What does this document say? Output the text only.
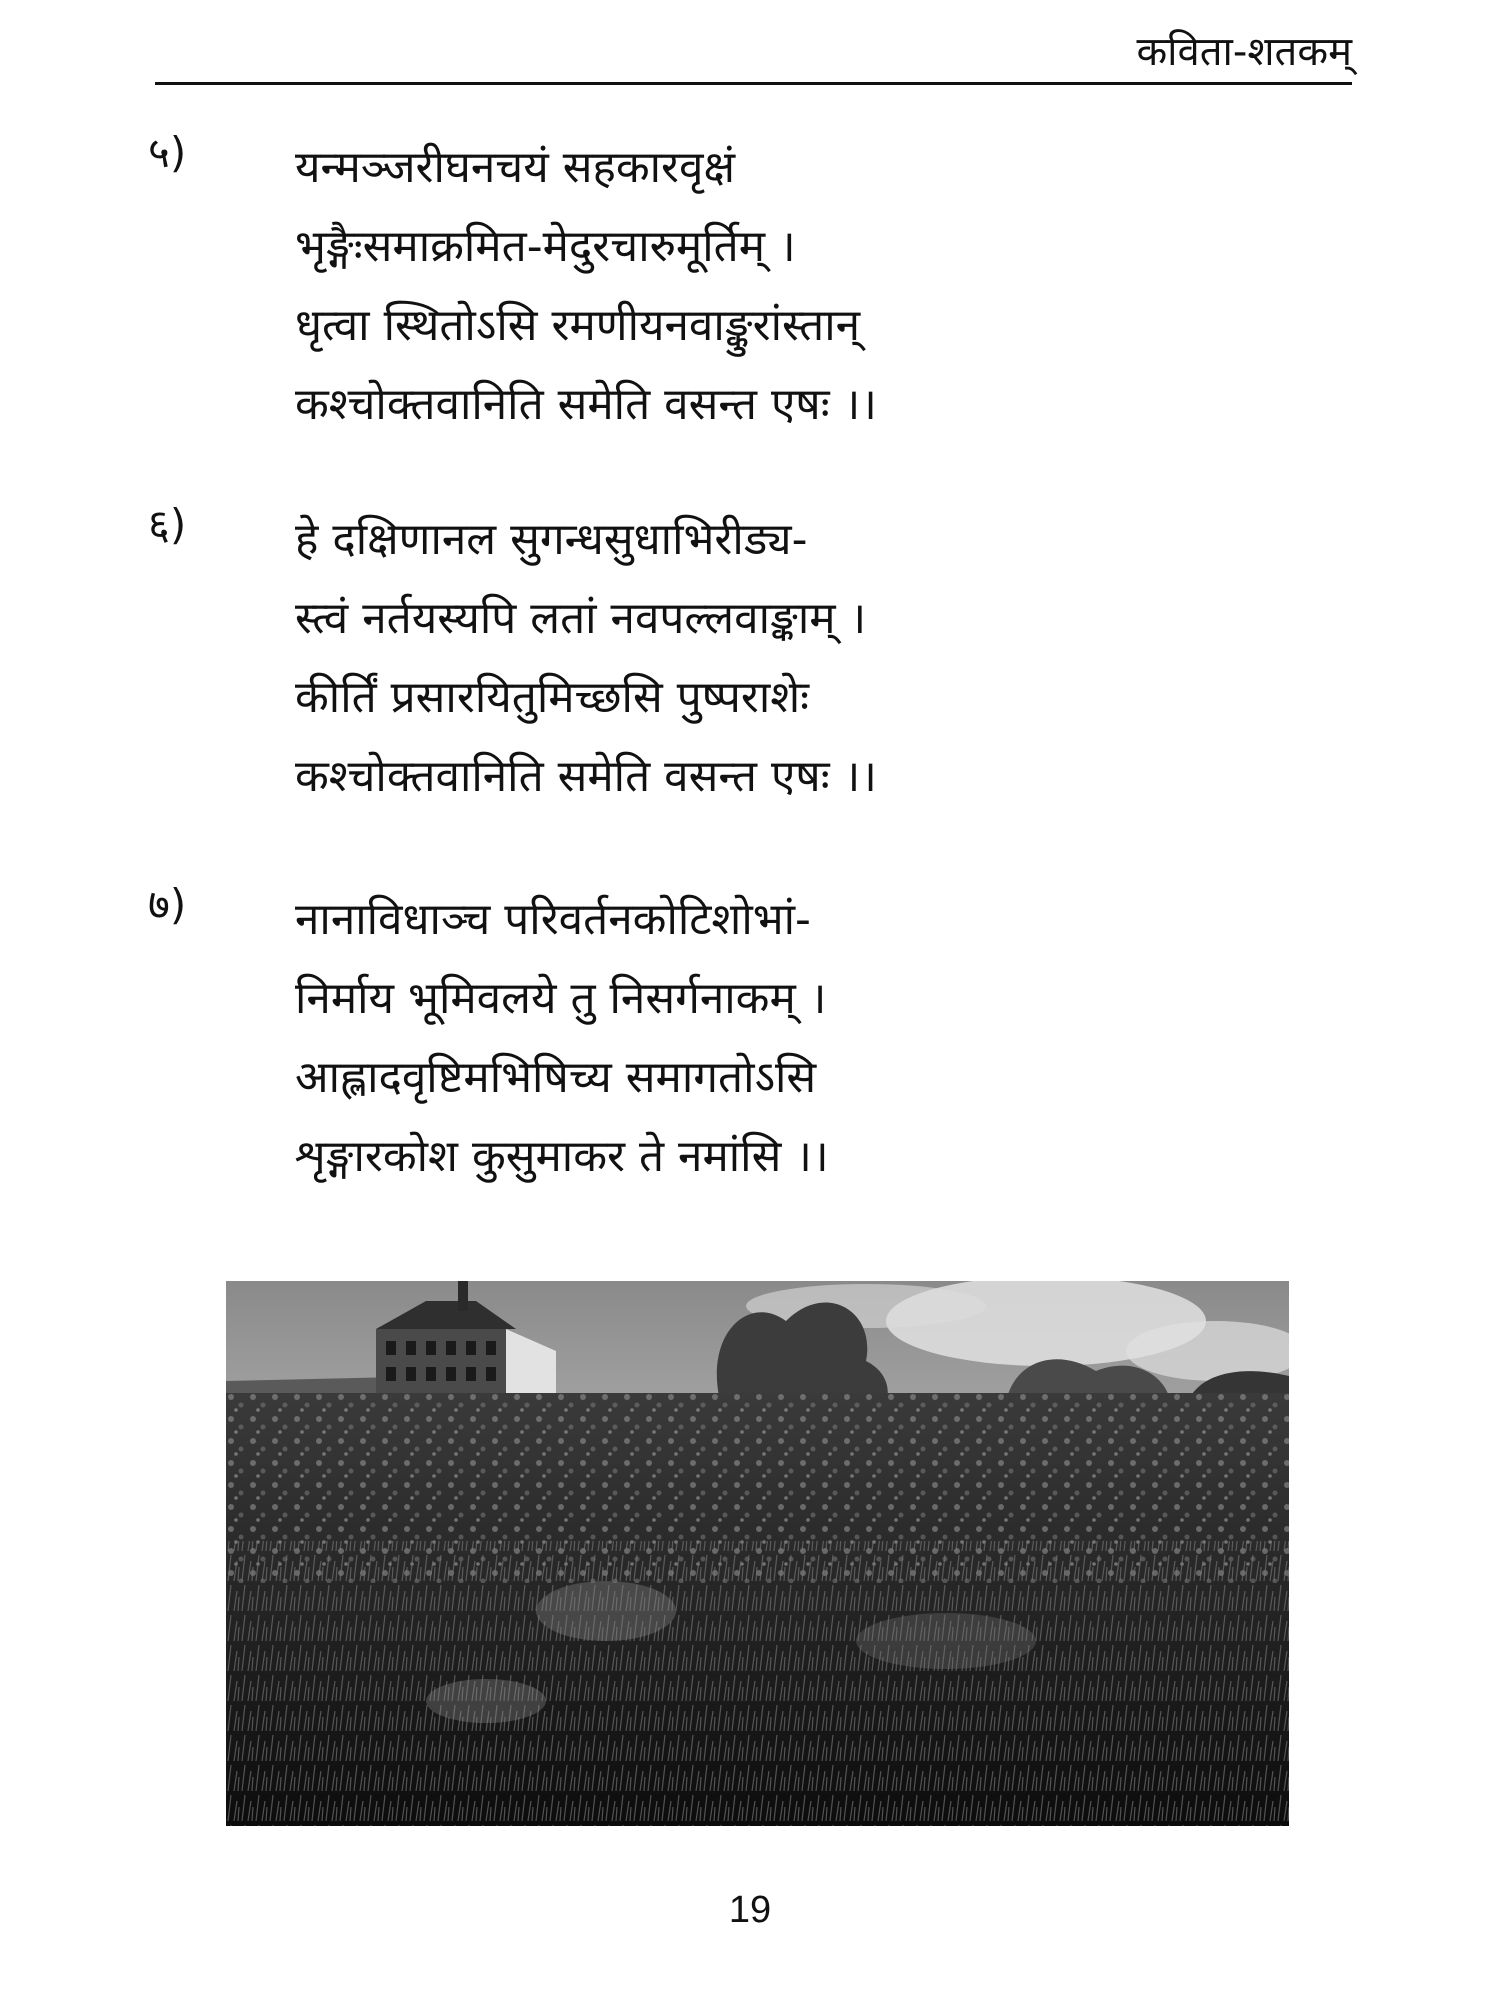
कविता-शतकम्
५) यन्मञ्जरीघनचयं सहकारवृक्षं
भृङ्गैःसमाक्रमित-मेदुरचारुमूर्तिम् ।
धृत्वा स्थितोऽसि रमणीयनवाङ्कुरांस्तान्
कश्चोक्तवानिति समेति वसन्त एषः ।।
६) हे दक्षिणानल सुगन्धसुधाभिरीड्य-
स्त्वं नर्तयस्यपि लतां नवपल्लवाङ्काम् ।
कीर्तिं प्रसारयितुमिच्छसि पुष्पराशेः
कश्चोक्तवानिति समेति वसन्त एषः ।।
७) नानाविधाञ्च परिवर्तनकोटिशोभां-
निर्माय भूमिवलये तु निसर्गनाकम् ।
आह्लादवृष्टिमभिषिच्य समागतोऽसि
शृङ्गारकोश कुसुमाकर ते नमांसि ।।
19
